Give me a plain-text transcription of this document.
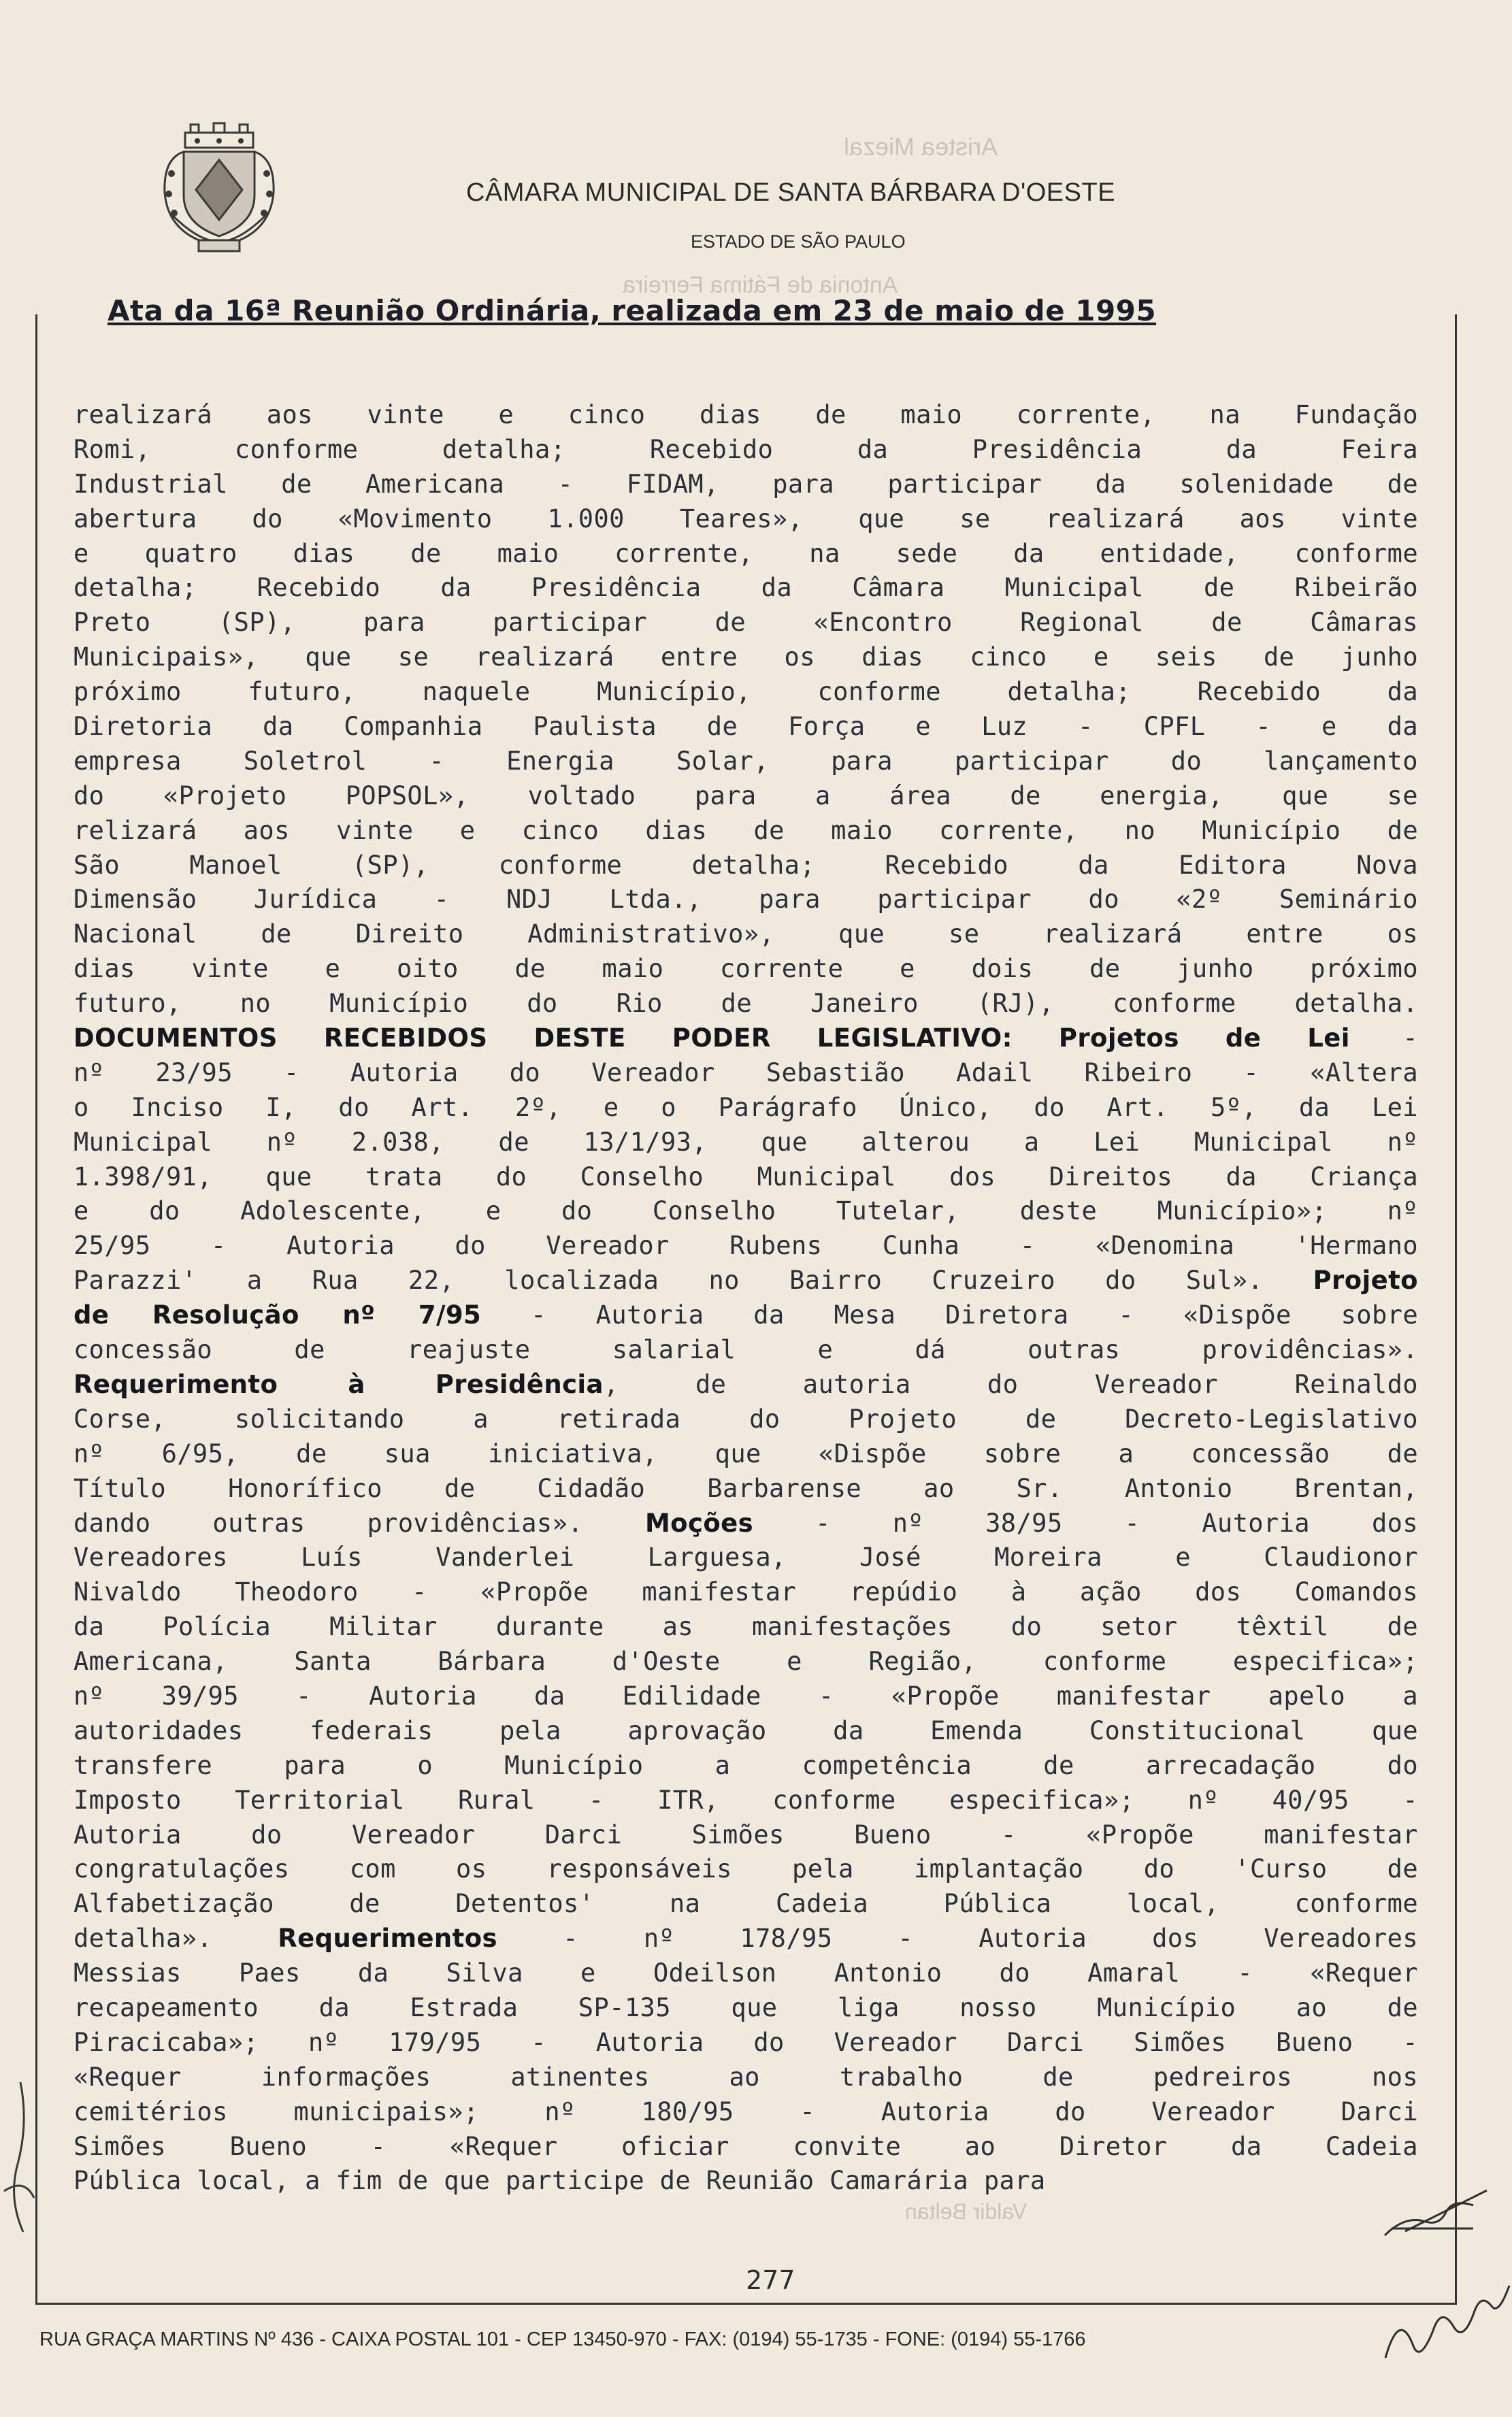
Aristea Miezal
Antonia de Fátima Ferreira
Valdir Beltan
CÂMARA MUNICIPAL DE SANTA BÁRBARA D'OESTE
ESTADO DE SÃO PAULO
Ata da 16ª Reunião Ordinária, realizada em 23 de maio de 1995
realizará aos vinte e cinco dias de maio corrente, na Fundação
Romi, conforme detalha; Recebido da Presidência da Feira
Industrial de Americana - FIDAM, para participar da solenidade de
abertura do «Movimento 1.000 Teares», que se realizará aos vinte
e quatro dias de maio corrente, na sede da entidade, conforme
detalha; Recebido da Presidência da Câmara Municipal de Ribeirão
Preto (SP), para participar de «Encontro Regional de Câmaras
Municipais», que se realizará entre os dias cinco e seis de junho
próximo futuro, naquele Município, conforme detalha; Recebido da
Diretoria da Companhia Paulista de Força e Luz - CPFL - e da
empresa Soletrol - Energia Solar, para participar do lançamento
do «Projeto POPSOL», voltado para a área de energia, que se
relizará aos vinte e cinco dias de maio corrente, no Município de
São Manoel (SP), conforme detalha; Recebido da Editora Nova
Dimensão Jurídica - NDJ Ltda., para participar do «2º Seminário
Nacional de Direito Administrativo», que se realizará entre os
dias vinte e oito de maio corrente e dois de junho próximo
futuro, no Município do Rio de Janeiro (RJ), conforme detalha.
DOCUMENTOS RECEBIDOS DESTE PODER LEGISLATIVO: Projetos de Lei -
nº 23/95 - Autoria do Vereador Sebastião Adail Ribeiro - «Altera
o Inciso I, do Art. 2º, e o Parágrafo Único, do Art. 5º, da Lei
Municipal nº 2.038, de 13/1/93, que alterou a Lei Municipal nº
1.398/91, que trata do Conselho Municipal dos Direitos da Criança
e do Adolescente, e do Conselho Tutelar, deste Município»; nº
25/95 - Autoria do Vereador Rubens Cunha - «Denomina 'Hermano
Parazzi' a Rua 22, localizada no Bairro Cruzeiro do Sul». Projeto
de Resolução nº 7/95 - Autoria da Mesa Diretora - «Dispõe sobre
concessão de reajuste salarial e dá outras providências».
Requerimento à Presidência, de autoria do Vereador Reinaldo
Corse, solicitando a retirada do Projeto de Decreto-Legislativo
nº 6/95, de sua iniciativa, que «Dispõe sobre a concessão de
Título Honorífico de Cidadão Barbarense ao Sr. Antonio Brentan,
dando outras providências». Moções - nº 38/95 - Autoria dos
Vereadores Luís Vanderlei Larguesa, José Moreira e Claudionor
Nivaldo Theodoro - «Propõe manifestar repúdio à ação dos Comandos
da Polícia Militar durante as manifestações do setor têxtil de
Americana, Santa Bárbara d'Oeste e Região, conforme especifica»;
nº 39/95 - Autoria da Edilidade - «Propõe manifestar apelo a
autoridades federais pela aprovação da Emenda Constitucional que
transfere para o Município a competência de arrecadação do
Imposto Territorial Rural - ITR, conforme especifica»; nº 40/95 -
Autoria do Vereador Darci Simões Bueno - «Propõe manifestar
congratulações com os responsáveis pela implantação do 'Curso de
Alfabetização de Detentos' na Cadeia Pública local, conforme
detalha». Requerimentos - nº 178/95 - Autoria dos Vereadores
Messias Paes da Silva e Odeilson Antonio do Amaral - «Requer
recapeamento da Estrada SP-135 que liga nosso Município ao de
Piracicaba»; nº 179/95 - Autoria do Vereador Darci Simões Bueno -
«Requer informações atinentes ao trabalho de pedreiros nos
cemitérios municipais»; nº 180/95 - Autoria do Vereador Darci
Simões Bueno - «Requer oficiar convite ao Diretor da Cadeia
Pública local, a fim de que participe de Reunião Camarária para
277
RUA GRAÇA MARTINS Nº 436 - CAIXA POSTAL 101 - CEP 13450-970 - FAX: (0194) 55-1735 - FONE: (0194) 55-1766
